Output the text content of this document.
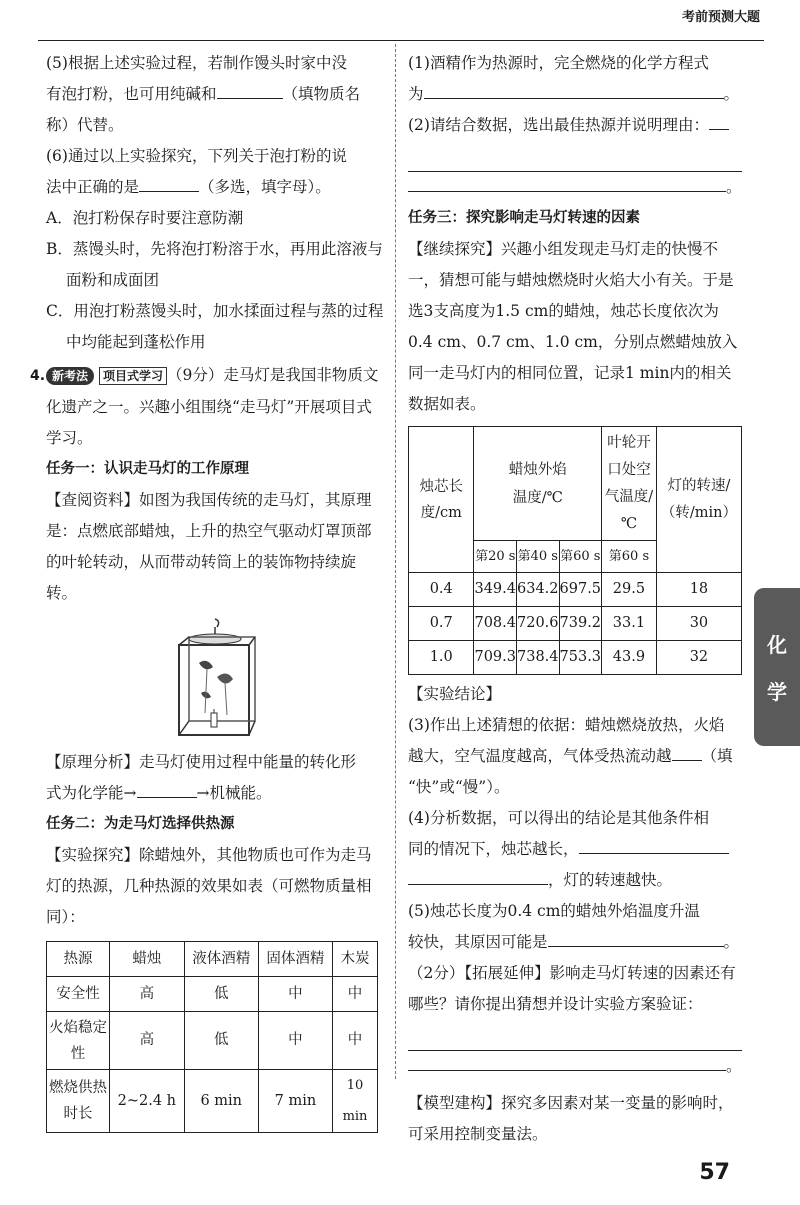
考前预测大题

(5)根据上述实验过程，若制作馒头时家中没

有泡打粉，也可用纯碱和	（填物质名

称）代替。

(6)通过以上实验探究，下列关于泡打粉的说

法中正确的是	（多选，填字母）。

A．泡打粉保存时要注意防潮

B．蒸馒头时，先将泡打粉溶于水，再用此溶液与面粉和成面团

C．用泡打粉蒸馒头时，加水揉面过程与蒸的过程中均能起到蓬松作用

4. 新考法 项目式学习 （9分）走马灯是我国非物质文化遗产之一。兴趣小组围绕“走马灯”开展项目式学习。

任务一：认识走马灯的工作原理

【查阅资料】如图为我国传统的走马灯，其原理是：点燃底部蜡烛，上升的热空气驱动灯罩顶部的叶轮转动，从而带动转筒上的装饰物持续旋转。

【原理分析】走马灯使用过程中能量的转化形

式为化学能→	→机械能。

任务二：为走马灯选择供热源

【实验探究】除蜡烛外，其他物质也可作为走马灯的热源，几种热源的效果如表（可燃物质量相同）：

热源	蜡烛	液体酒精	固体酒精	木炭
安全性	高	低	中	中
火焰稳定性	高	低	中	中
燃烧供热时长	2~2.4 h	6 min	7 min	10 min

(1)酒精作为热源时，完全燃烧的化学方程式

为	。

(2)请结合数据，选出最佳热源并说明理由：

。

任务三：探究影响走马灯转速的因素

【继续探究】兴趣小组发现走马灯走的快慢不一，猜想可能与蜡烛燃烧时火焰大小有关。于是选3支高度为1.5 cm的蜡烛，烛芯长度依次为0.4 cm、0.7 cm、1.0 cm，分别点燃蜡烛放入同一走马灯内的相同位置，记录1 min内的相关数据如表。

烛芯长度/cm	蜡烛外焰温度/℃			叶轮开口处空气温度/℃	灯的转速/（转/min）
	第20 s	第40 s	第60 s	第60 s	
0.4	349.4	634.2	697.5	29.5	18
0.7	708.4	720.6	739.2	33.1	30
1.0	709.3	738.4	753.3	43.9	32

【实验结论】

(3)作出上述猜想的依据：蜡烛燃烧放热，火焰

越大，空气温度越高，气体受热流动越 （填

“快”或“慢”）。

(4)分析数据，可以得出的结论是其他条件相

同的情况下，烛芯越长，

，灯的转速越快。

(5)烛芯长度为0.4 cm的蜡烛外焰温度升温

较快，其原因可能是	。

（2分）【拓展延伸】影响走马灯转速的因素还有哪些？请你提出猜想并设计实验方案验证：

。

【模型建构】探究多因素对某一变量的影响时，可采用控制变量法。

化
学
57
